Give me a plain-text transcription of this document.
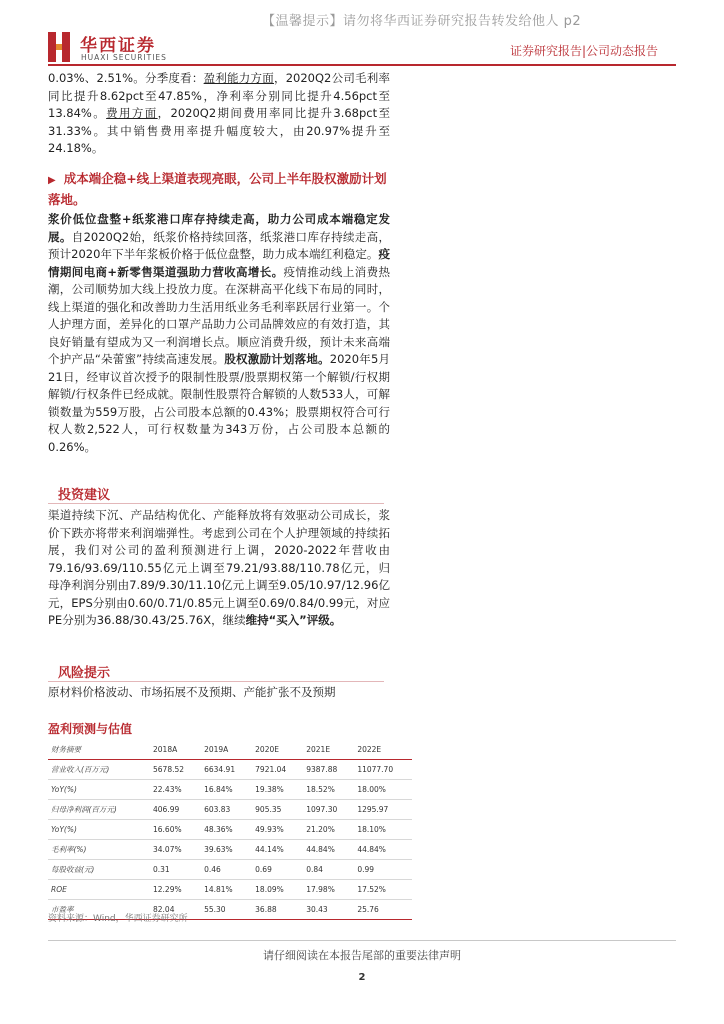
【温馨提示】请勿将华西证券研究报告转发给他人 p2
华西证券
HUAXI SECURITIES	证券研究报告|公司动态报告

0.03%、2.51%。分季度看：盈利能力方面，2020Q2公司毛利率同比提升8.62pct至47.85%，净利率分别同比提升4.56pct至13.84%。费用方面，2020Q2期间费用率同比提升3.68pct至31.33%。其中销售费用率提升幅度较大，由20.97%提升至24.18%。

▶ 成本端企稳+线上渠道表现亮眼，公司上半年股权激励计划落地。

浆价低位盘整+纸浆港口库存持续走高，助力公司成本端稳定发展。自2020Q2始，纸浆价格持续回落，纸浆港口库存持续走高，预计2020年下半年浆板价格于低位盘整，助力成本端红利稳定。疫情期间电商+新零售渠道强助力营收高增长。疫情推动线上消费热潮，公司顺势加大线上投放力度。在深耕高平化线下布局的同时，线上渠道的强化和改善助力生活用纸业务毛利率跃居行业第一。个人护理方面，差异化的口罩产品助力公司品牌效应的有效打造，其良好销量有望成为又一利润增长点。顺应消费升级，预计未来高端个护产品“朵蕾蜜”持续高速发展。股权激励计划落地。2020年5月21日，经审议首次授予的限制性股票/股票期权第一个解锁/行权期解锁/行权条件已经成就。限制性股票符合解锁的人数533人，可解锁数量为559万股，占公司股本总额的0.43%；股票期权符合可行权人数2,522人，可行权数量为343万份，占公司股本总额的0.26%。

投资建议

渠道持续下沉、产品结构优化、产能释放将有效驱动公司成长，浆价下跌亦将带来利润端弹性。考虑到公司在个人护理领域的持续拓展，我们对公司的盈利预测进行上调，2020-2022年营收由79.16/93.69/110.55亿元上调至79.21/93.88/110.78亿元，归母净利润分别由7.89/9.30/11.10亿元上调至9.05/10.97/12.96亿元，EPS分别由0.60/0.71/0.85元上调至0.69/0.84/0.99元，对应PE分别为36.88/30.43/25.76X，继续维持“买入”评级。

风险提示

原材料价格波动、市场拓展不及预期、产能扩张不及预期

盈利预测与估值
财务摘要	2018A	2019A	2020E	2021E	2022E
营业收入(百万元)	5678.52	6634.91	7921.04	9387.88	11077.70
YoY(%)	22.43%	16.84%	19.38%	18.52%	18.00%
归母净利润(百万元)	406.99	603.83	905.35	1097.30	1295.97
YoY(%)	16.60%	48.36%	49.93%	21.20%	18.10%
毛利率(%)	34.07%	39.63%	44.14%	44.84%	44.84%
每股收益(元)	0.31	0.46	0.69	0.84	0.99
ROE	12.29%	14.81%	18.09%	17.98%	17.52%
市盈率	82.04	55.30	36.88	30.43	25.76
资料来源：Wind，华西证券研究所
请仔细阅读在本报告尾部的重要法律声明
2
